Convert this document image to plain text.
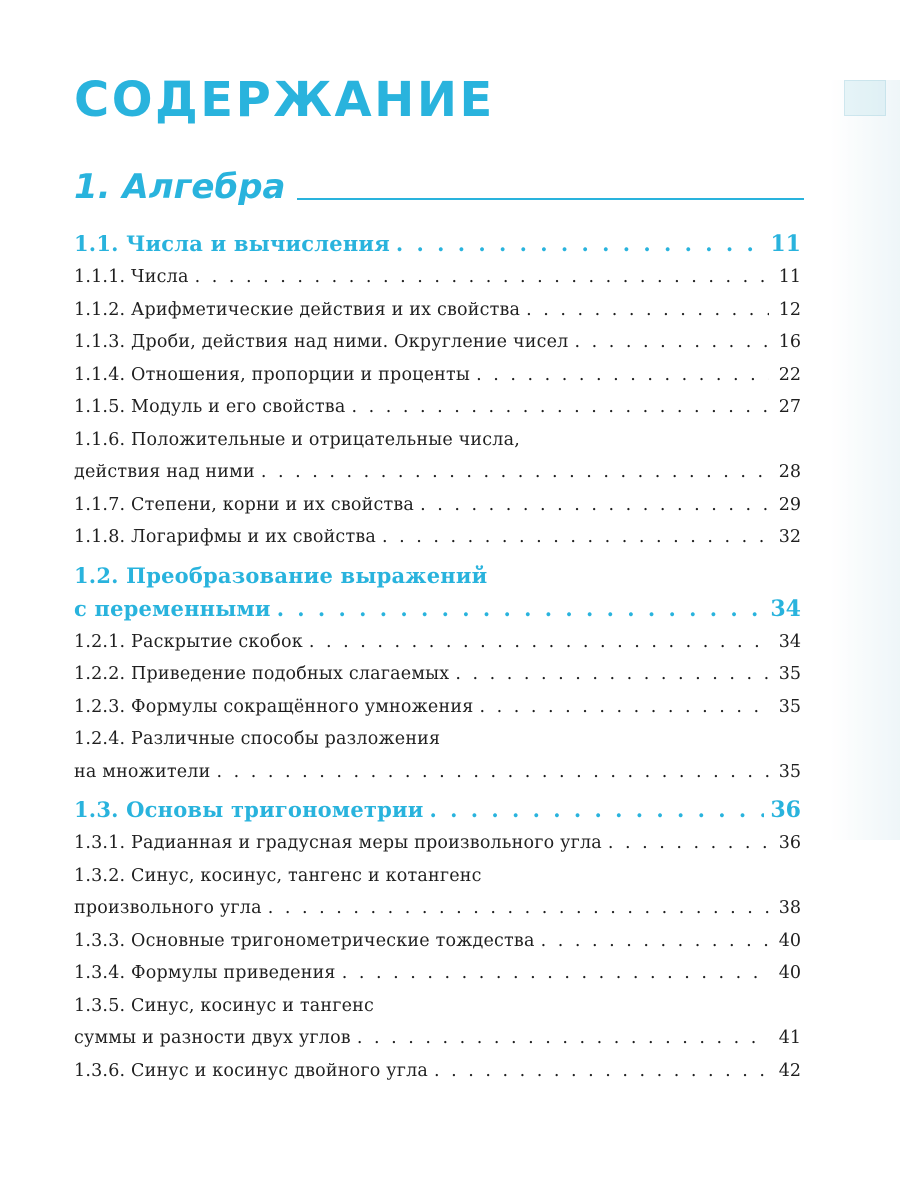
СОДЕРЖАНИЕ
1. Алгебра
1.1. Числа и вычисления . . .	11
1.1.1. Числа . . .	11
1.1.2. Арифметические действия и их свойства . . .	12
1.1.3. Дроби, действия над ними. Округление чисел . . .	16
1.1.4. Отношения, пропорции и проценты . . .	22
1.1.5. Модуль и его свойства . . .	27
1.1.6. Положительные и отрицательные числа,
действия над ними . . .	28
1.1.7. Степени, корни и их свойства . . .	29
1.1.8. Логарифмы и их свойства . . .	32
1.2. Преобразование выражений
с переменными . . .	34
1.2.1. Раскрытие скобок . . .	34
1.2.2. Приведение подобных слагаемых . . .	35
1.2.3. Формулы сокращённого умножения . . .	35
1.2.4. Различные способы разложения
на множители . . .	35
1.3. Основы тригонометрии . . .	36
1.3.1. Радианная и градусная меры произвольного угла . . .	36
1.3.2. Синус, косинус, тангенс и котангенс
произвольного угла . . .	38
1.3.3. Основные тригонометрические тождества . . .	40
1.3.4. Формулы приведения . . .	40
1.3.5. Синус, косинус и тангенс
суммы и разности двух углов . . .	41
1.3.6. Синус и косинус двойного угла . . .	42
